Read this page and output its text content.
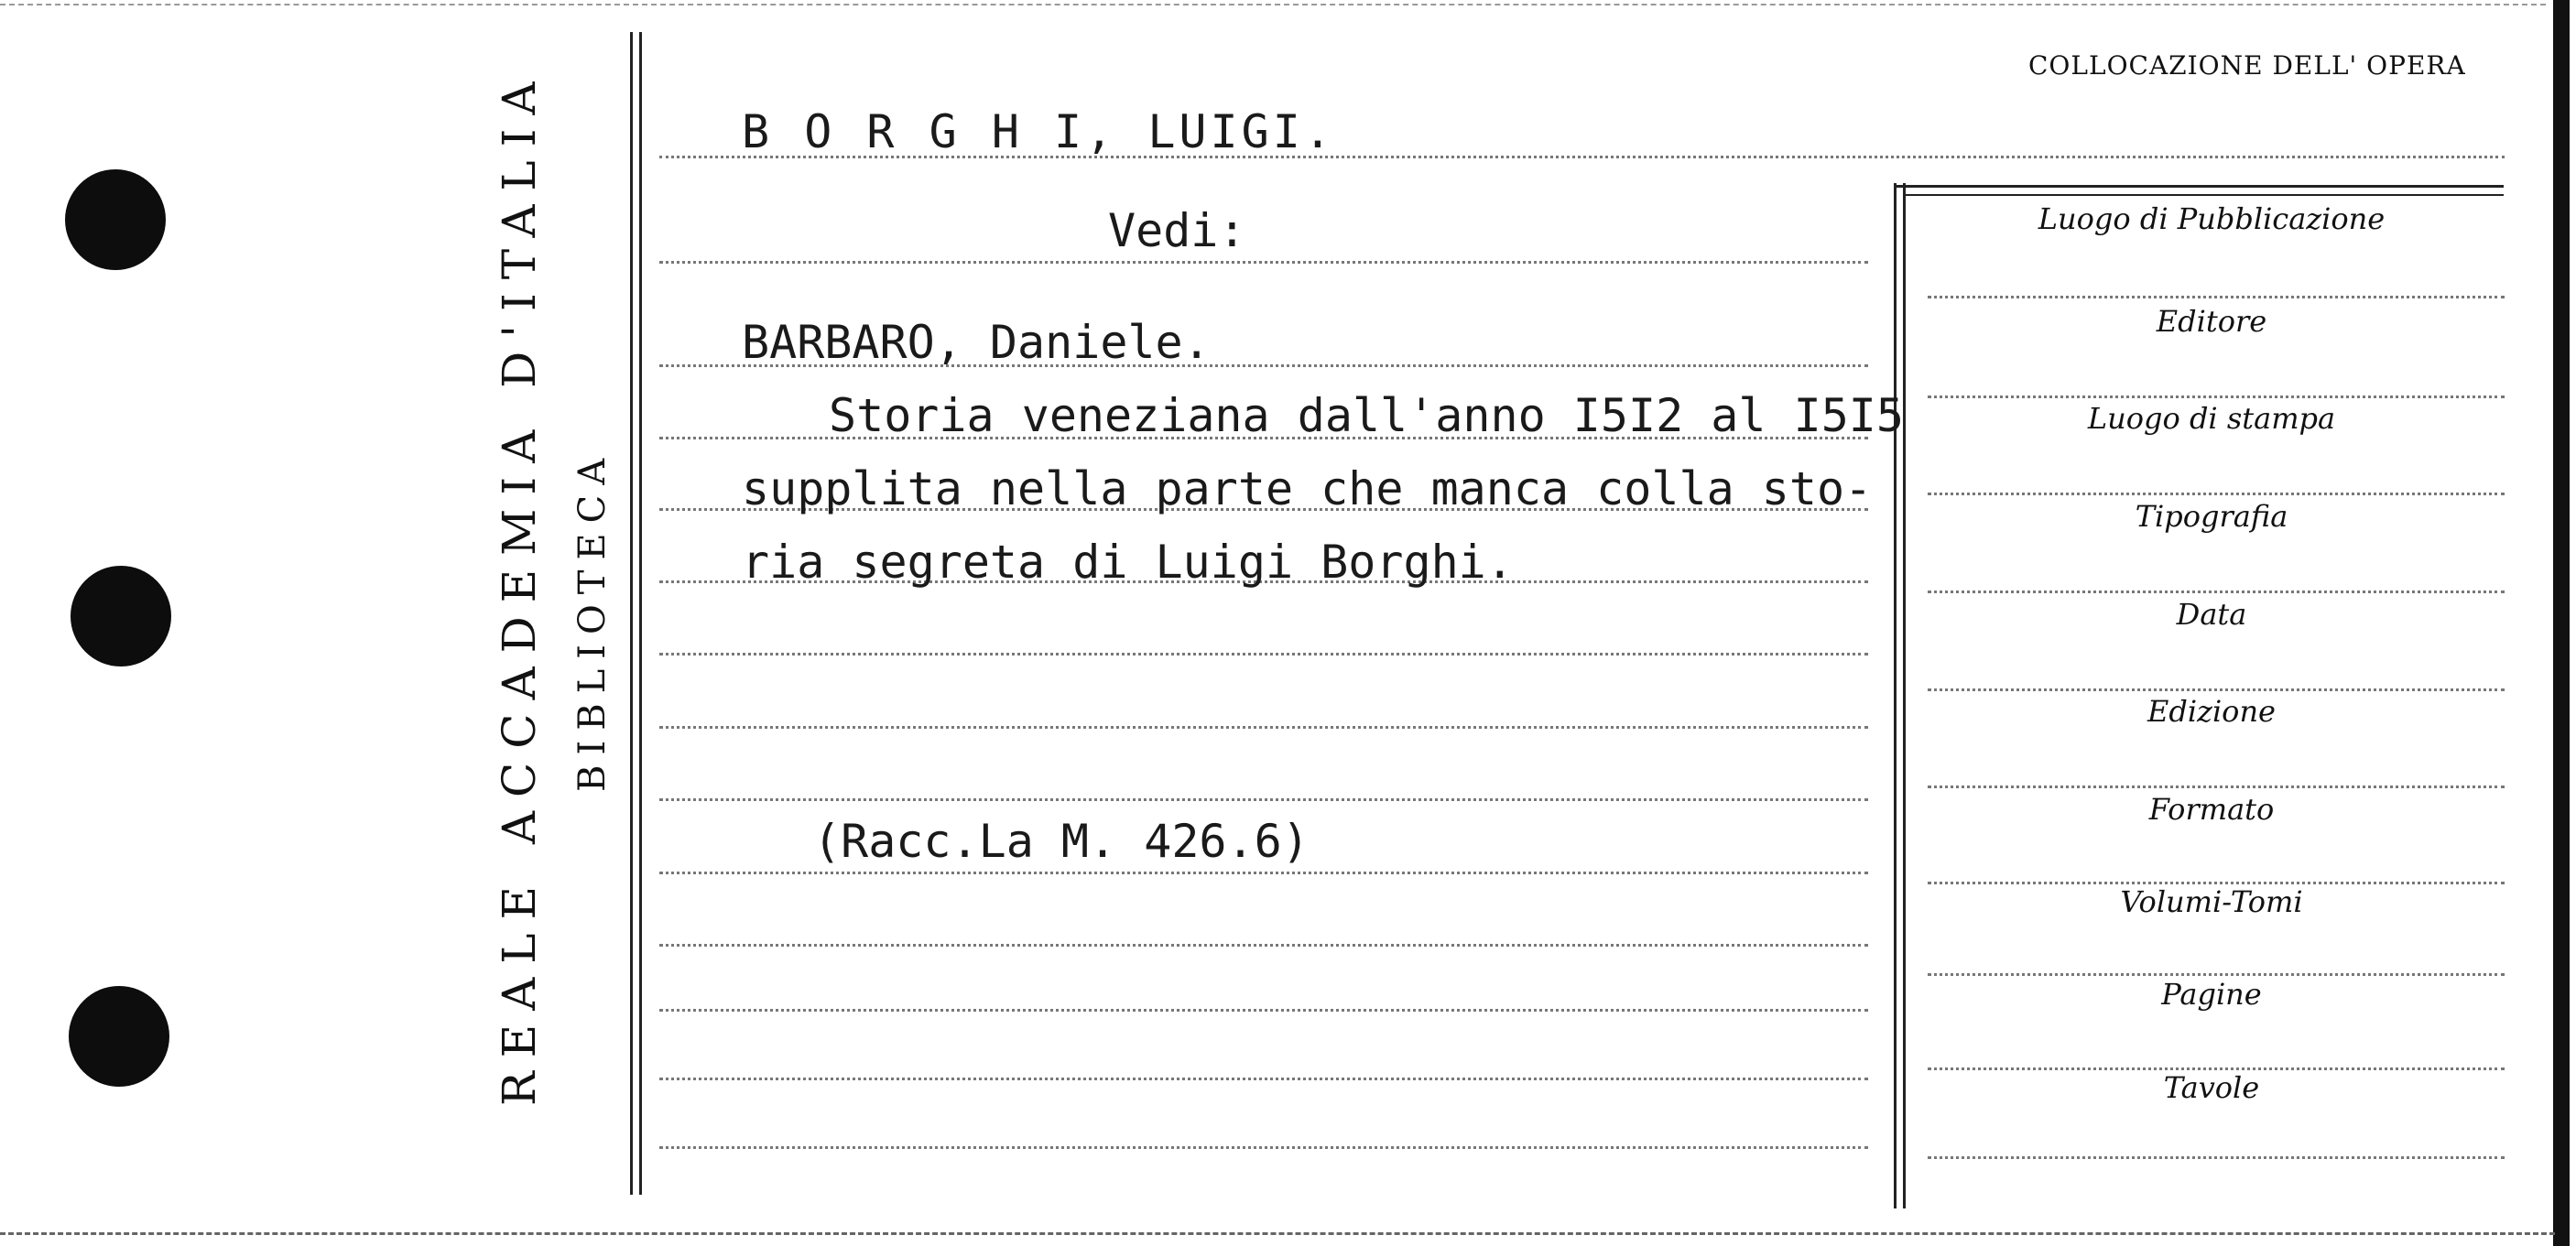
REALE ACCADEMIA D'ITALIA BIBLIOTECA
B O R G H I, LUIGI.
Vedi:
BARBARO, Daniele.
Storia veneziana dall'anno I5I2 al I5I5
supplita nella parte che manca colla sto-
ria segreta di Luigi Borghi.
(Racc.La M. 426.6)
COLLOCAZIONE DELL' OPERA
Luogo di Pubblicazione
Editore
Luogo di stampa
Tipografia
Data
Edizione
Formato
Volumi-Tomi
Pagine
Tavole
